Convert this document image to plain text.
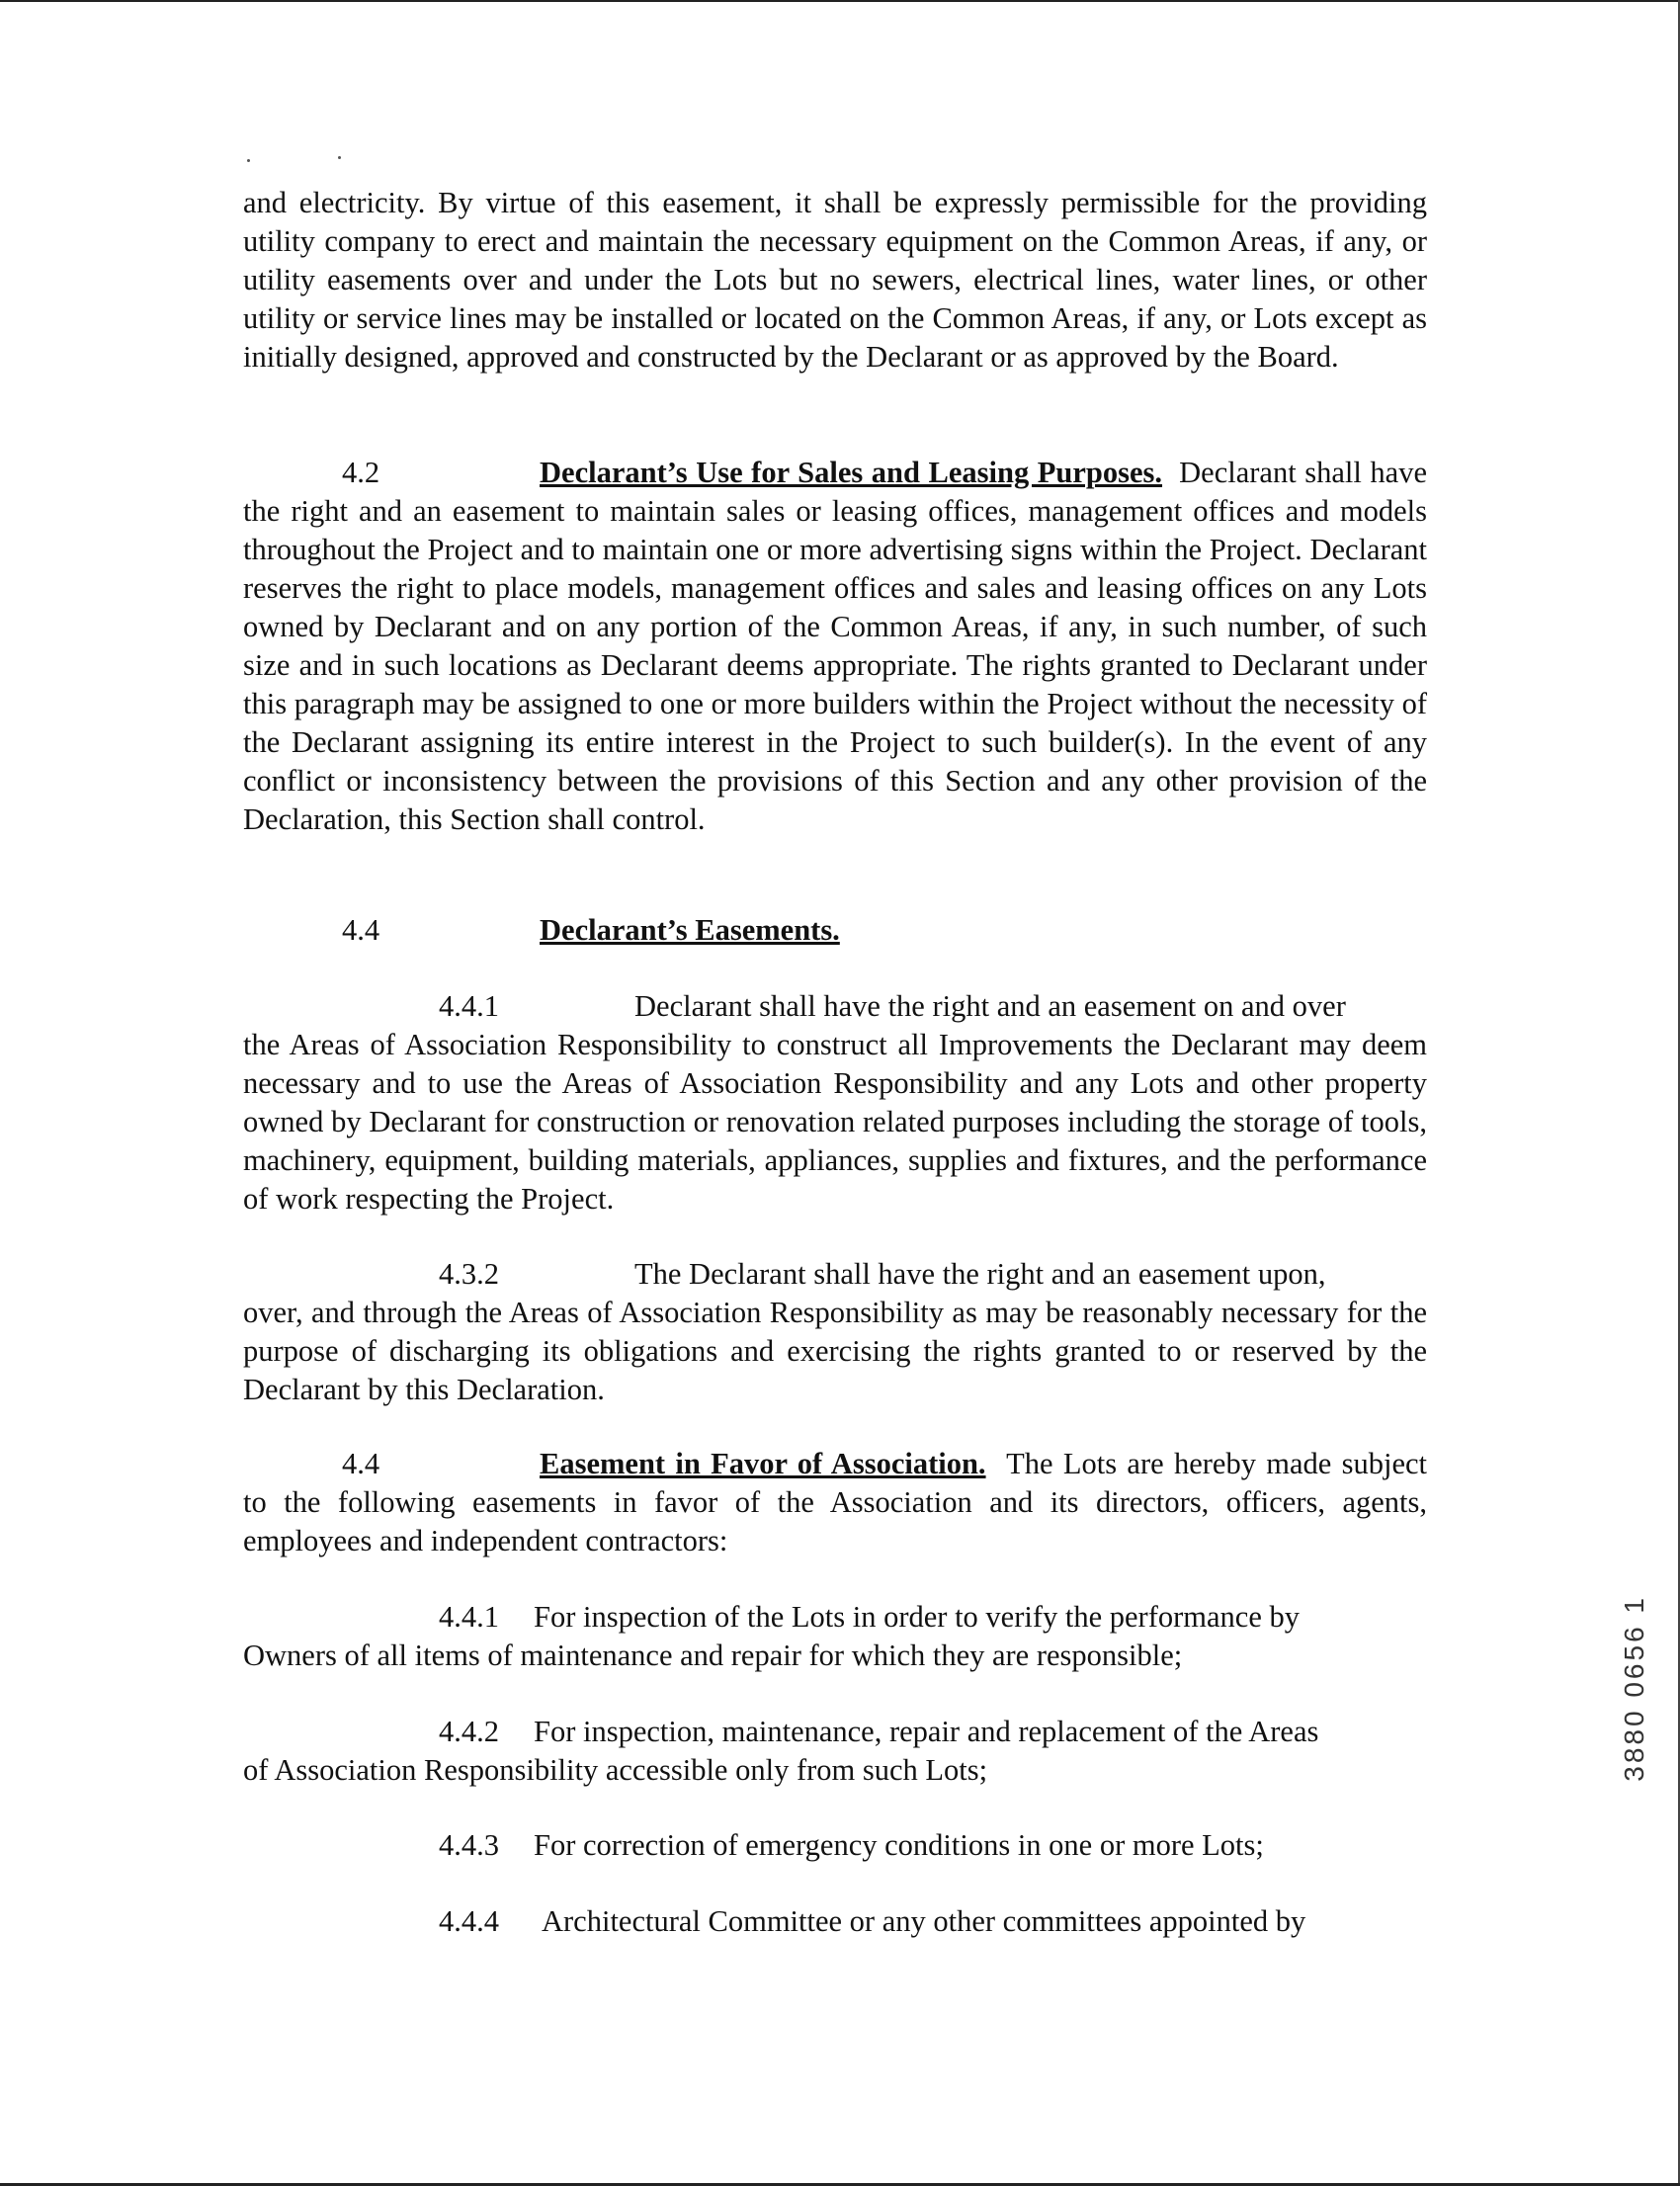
and electricity. By virtue of this easement, it shall be expressly permissible for the providing utility company to erect and maintain the necessary equipment on the Common Areas, if any, or utility easements over and under the Lots but no sewers, electrical lines, water lines, or other utility or service lines may be installed or located on the Common Areas, if any, or Lots except as initially designed, approved and constructed by the Declarant or as approved by the Board.

4.2	Declarant’s Use for Sales and Leasing Purposes. Declarant shall have the right and an easement to maintain sales or leasing offices, management offices and models throughout the Project and to maintain one or more advertising signs within the Project. Declarant reserves the right to place models, management offices and sales and leasing offices on any Lots owned by Declarant and on any portion of the Common Areas, if any, in such number, of such size and in such locations as Declarant deems appropriate. The rights granted to Declarant under this paragraph may be assigned to one or more builders within the Project without the necessity of the Declarant assigning its entire interest in the Project to such builder(s). In the event of any conflict or inconsistency between the provisions of this Section and any other provision of the Declaration, this Section shall control.

4.4	Declarant’s Easements.

4.4.1	Declarant shall have the right and an easement on and over

the Areas of Association Responsibility to construct all Improvements the Declarant may deem necessary and to use the Areas of Association Responsibility and any Lots and other property owned by Declarant for construction or renovation related purposes including the storage of tools, machinery, equipment, building materials, appliances, supplies and fixtures, and the performance of work respecting the Project.

4.3.2	The Declarant shall have the right and an easement upon,

over, and through the Areas of Association Responsibility as may be reasonably necessary for the purpose of discharging its obligations and exercising the rights granted to or reserved by the Declarant by this Declaration.

4.4	Easement in Favor of Association. The Lots are hereby made subject to the following easements in favor of the Association and its directors, officers, agents, employees and independent contractors:

4.4.1 For inspection of the Lots in order to verify the performance by

Owners of all items of maintenance and repair for which they are responsible;

4.4.2 For inspection, maintenance, repair and replacement of the Areas

of Association Responsibility accessible only from such Lots;

4.4.3 For correction of emergency conditions in one or more Lots;

4.4.4 Architectural Committee or any other committees appointed by

3880 0656 1
